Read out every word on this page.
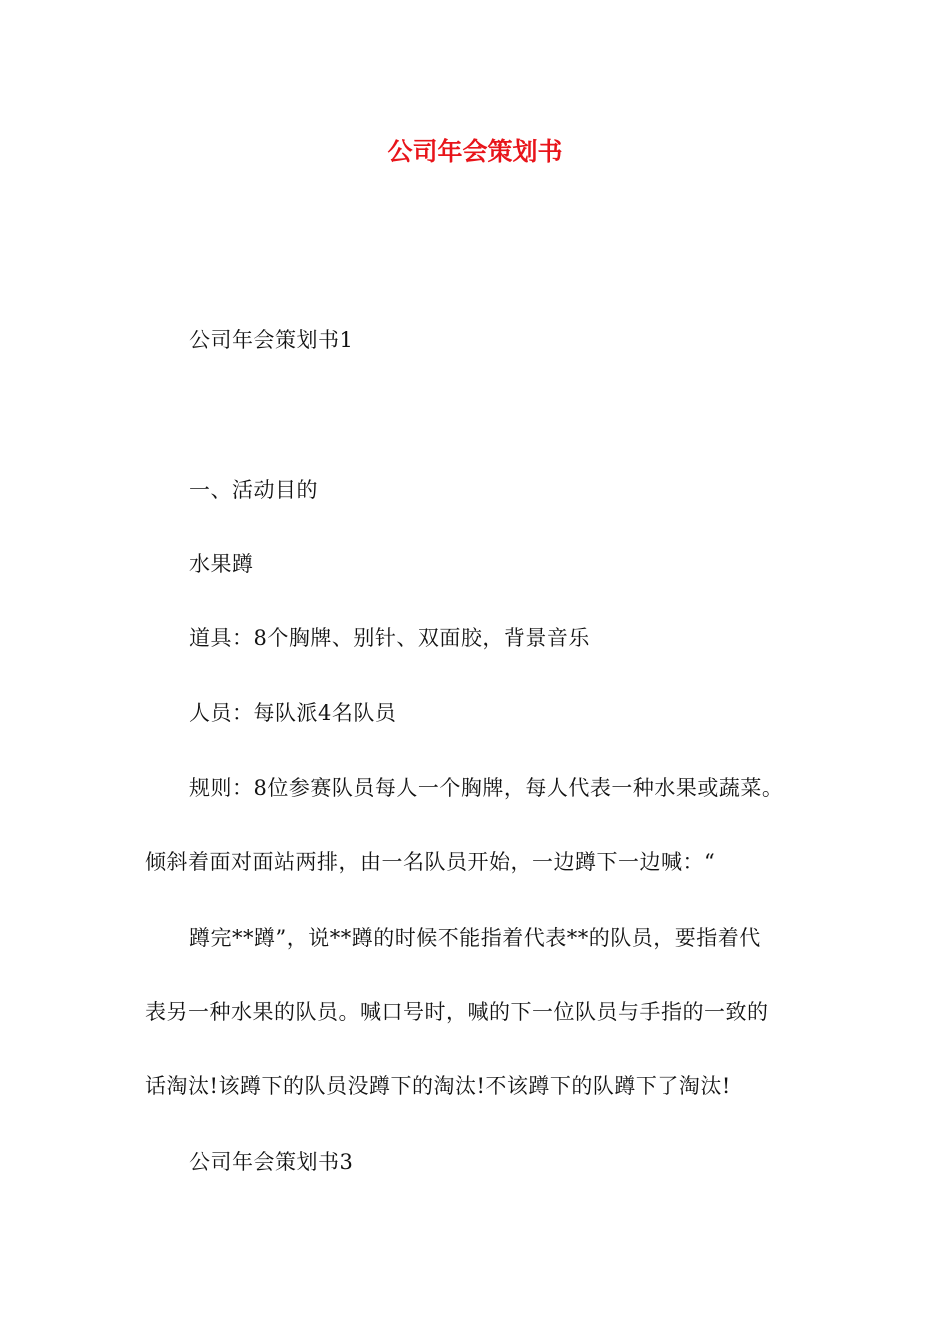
公司年会策划书
公司年会策划书1
一、活动目的
水果蹲
道具：8个胸牌、别针、双面胶，背景音乐
人员：每队派4名队员
规则：8位参赛队员每人一个胸牌，每人代表一种水果或蔬菜。
倾斜着面对面站两排，由一名队员开始，一边蹲下一边喊：“
蹲完**蹲”，说**蹲的时候不能指着代表**的队员，要指着代
表另一种水果的队员。喊口号时，喊的下一位队员与手指的一致的
话淘汰!该蹲下的队员没蹲下的淘汰!不该蹲下的队蹲下了淘汰!
公司年会策划书3
